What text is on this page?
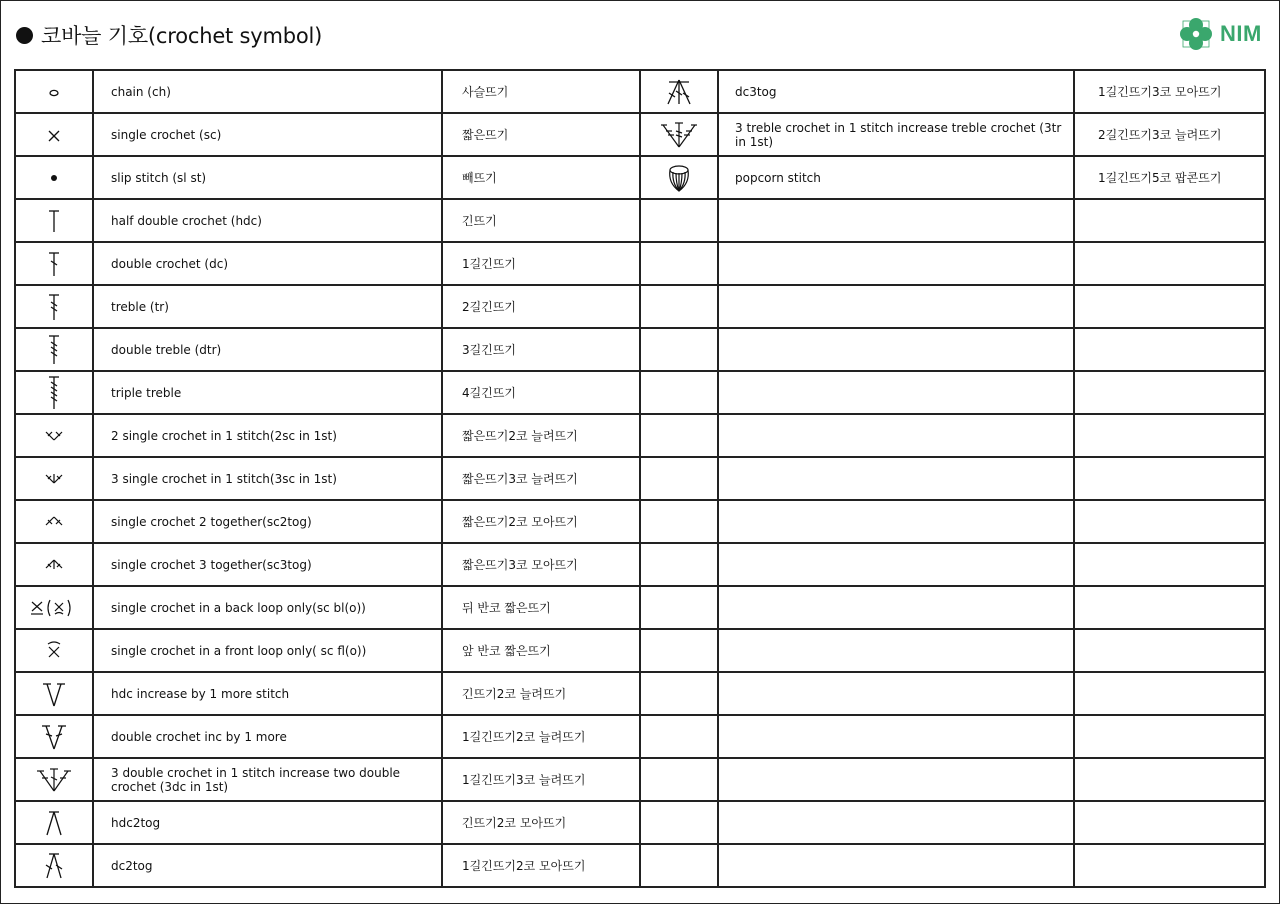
코바늘 기호(crochet symbol)	NIM
	chain (ch)	사슬뜨기		dc3tog	1길긴뜨기3코 모아뜨기

	single crochet (sc)	짧은뜨기		3 treble crochet in 1 stitch increase treble crochet (3tr in 1st)	2길긴뜨기3코 늘려뜨기

	slip stitch (sl st)	빼뜨기		popcorn stitch	1길긴뜨기5코 팝콘뜨기

	half double crochet (hdc)	긴뜨기			

	double crochet (dc)	1길긴뜨기			

	treble (tr)	2길긴뜨기			

	double treble (dtr)	3길긴뜨기			

	triple treble	4길긴뜨기			

	2 single crochet in 1 stitch(2sc in 1st)	짧은뜨기2코 늘려뜨기			

	3 single crochet in 1 stitch(3sc in 1st)	짧은뜨기3코 늘려뜨기			

	single crochet 2 together(sc2tog)	짧은뜨기2코 모아뜨기			

	single crochet 3 together(sc3tog)	짧은뜨기3코 모아뜨기			

	single crochet in a back loop only(sc bl(o))	뒤 반코 짧은뜨기			

	single crochet in a front loop only( sc fl(o))	앞 반코 짧은뜨기			

	hdc increase by 1 more stitch	긴뜨기2코 늘려뜨기			

	double crochet inc by 1 more	1길긴뜨기2코 늘려뜨기			

	3 double crochet in 1 stitch increase two double crochet (3dc in 1st)	1길긴뜨기3코 늘려뜨기			

	hdc2tog	긴뜨기2코 모아뜨기			

	dc2tog	1길긴뜨기2코 모아뜨기			
